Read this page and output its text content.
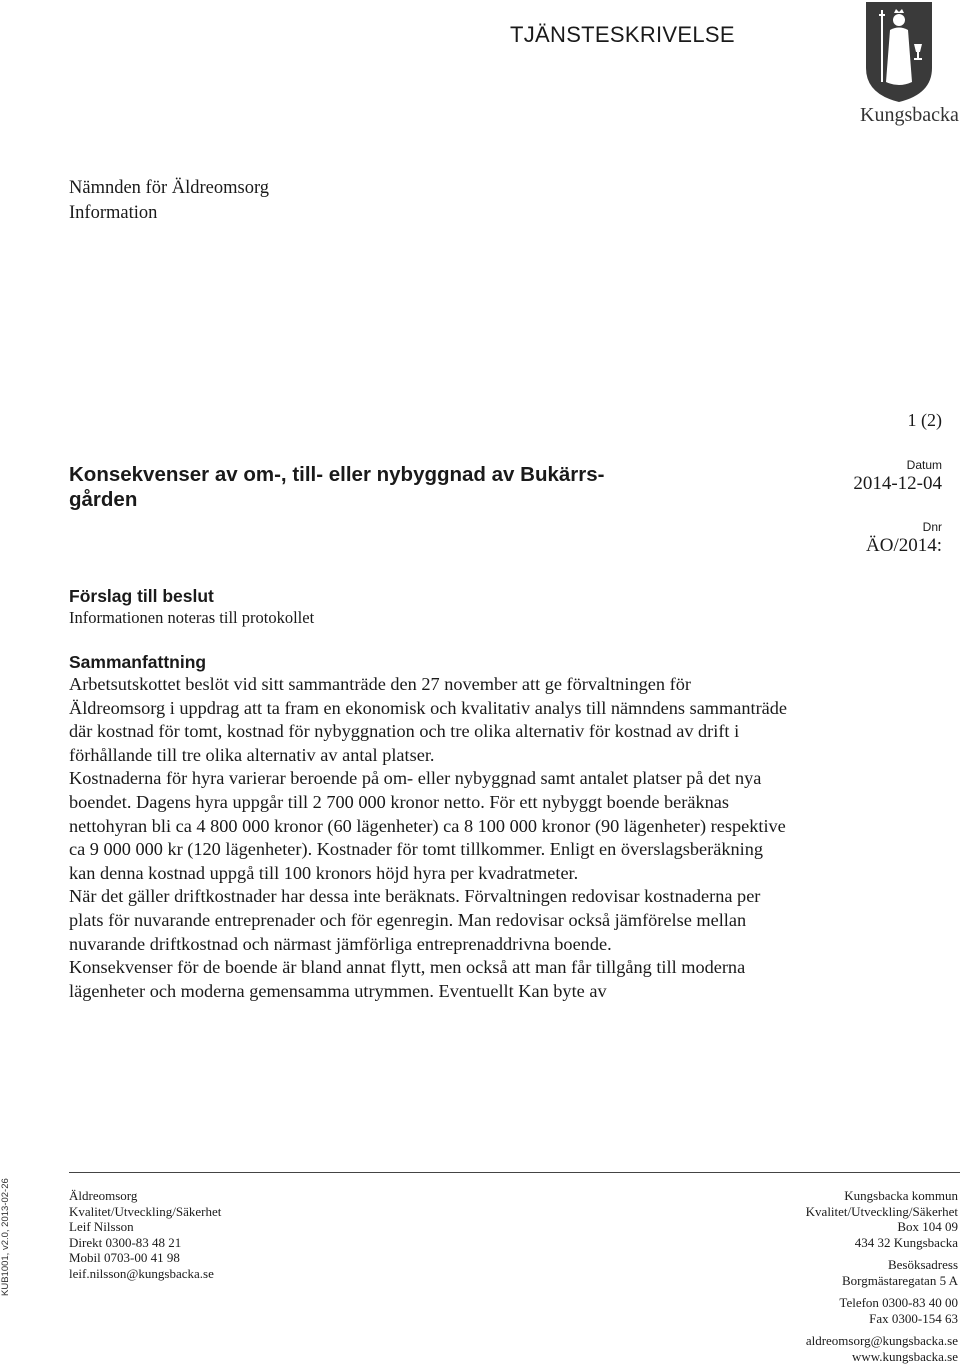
TJÄNSTESKRIVELSE
Kungsbacka
Nämnden för Äldreomsorg
Information
1 (2)
Konsekvenser av om-, till- eller nybyggnad av Bukärrs-
gården
Datum
2014-12-04
Dnr
ÄO/2014:
Förslag till beslut
Informationen noteras till protokollet
Sammanfattning
Arbetsutskottet beslöt vid sitt sammanträde den 27 november att ge förvaltningen för Äldreomsorg i uppdrag att ta fram en ekonomisk och kvalitativ analys till nämndens sammanträde där kostnad för tomt, kostnad för nybyggnation och tre olika alternativ för kostnad av drift i förhållande till tre olika alternativ av antal platser.
Kostnaderna för hyra varierar beroende på om- eller nybyggnad samt antalet platser på det nya boendet. Dagens hyra uppgår till 2 700 000 kronor netto. För ett nybyggt boende beräknas nettohyran bli ca 4 800 000 kronor (60 lägenheter) ca 8 100 000 kronor (90 lägenheter) respektive ca 9 000 000 kr (120 lägenheter). Kostnader för tomt tillkommer. Enligt en överslagsberäkning kan denna kostnad uppgå till 100 kronors höjd hyra per kvadratmeter.
När det gäller driftkostnader har dessa inte beräknats. Förvaltningen redovisar kostnaderna per plats för nuvarande entreprenader och för egenregin. Man redovisar också jämförelse mellan nuvarande driftkostnad och närmast jämförliga entreprenaddrivna boende.
Konsekvenser för de boende är bland annat flytt, men också att man får tillgång till moderna lägenheter och moderna gemensamma utrymmen. Eventuellt Kan byte av
Äldreomsorg
Kvalitet/Utveckling/Säkerhet
Leif Nilsson
Direkt 0300-83 48 21
Mobil 0703-00 41 98
leif.nilsson@kungsbacka.se
Kungsbacka kommun
Kvalitet/Utveckling/Säkerhet
Box 104 09
434 32 Kungsbacka
Besöksadress
Borgmästaregatan 5 A
Telefon 0300-83 40 00
Fax 0300-154 63
aldreomsorg@kungsbacka.se
www.kungsbacka.se
KUB1001, v2.0, 2013-02-26
